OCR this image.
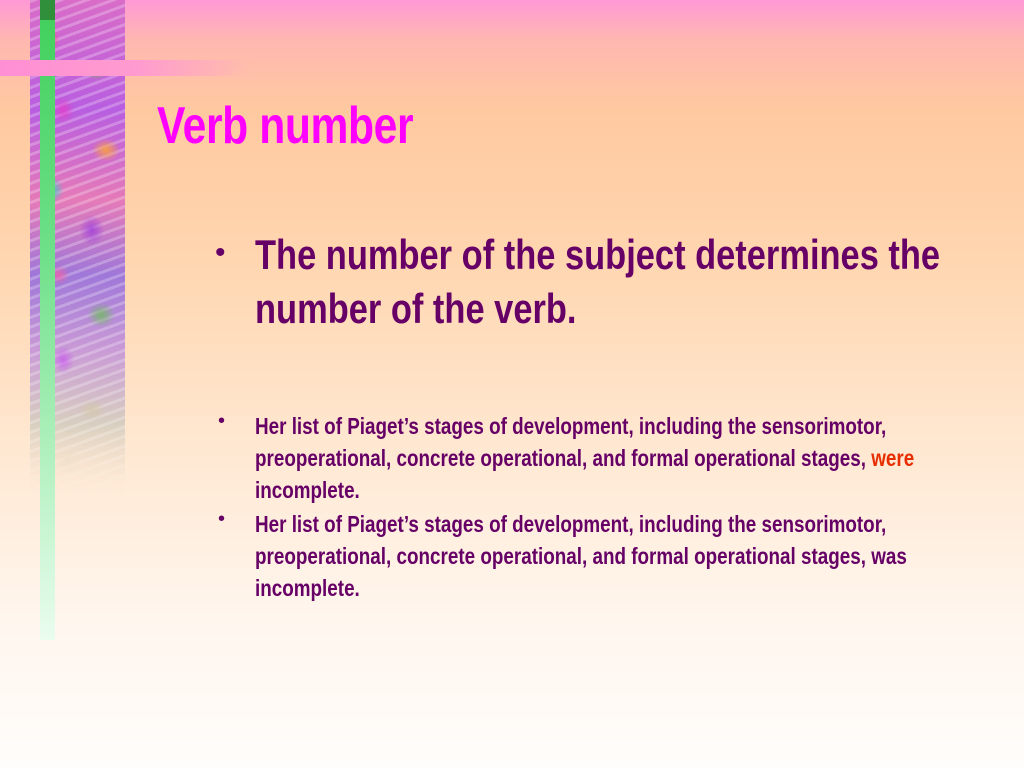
Verb number
• The number of the subject determines the number of the verb.
• Her list of Piaget’s stages of development, including the sensorimotor, preoperational, concrete operational, and formal operational stages, were incomplete.
• Her list of Piaget’s stages of development, including the sensorimotor, preoperational, concrete operational, and formal operational stages, was incomplete.
